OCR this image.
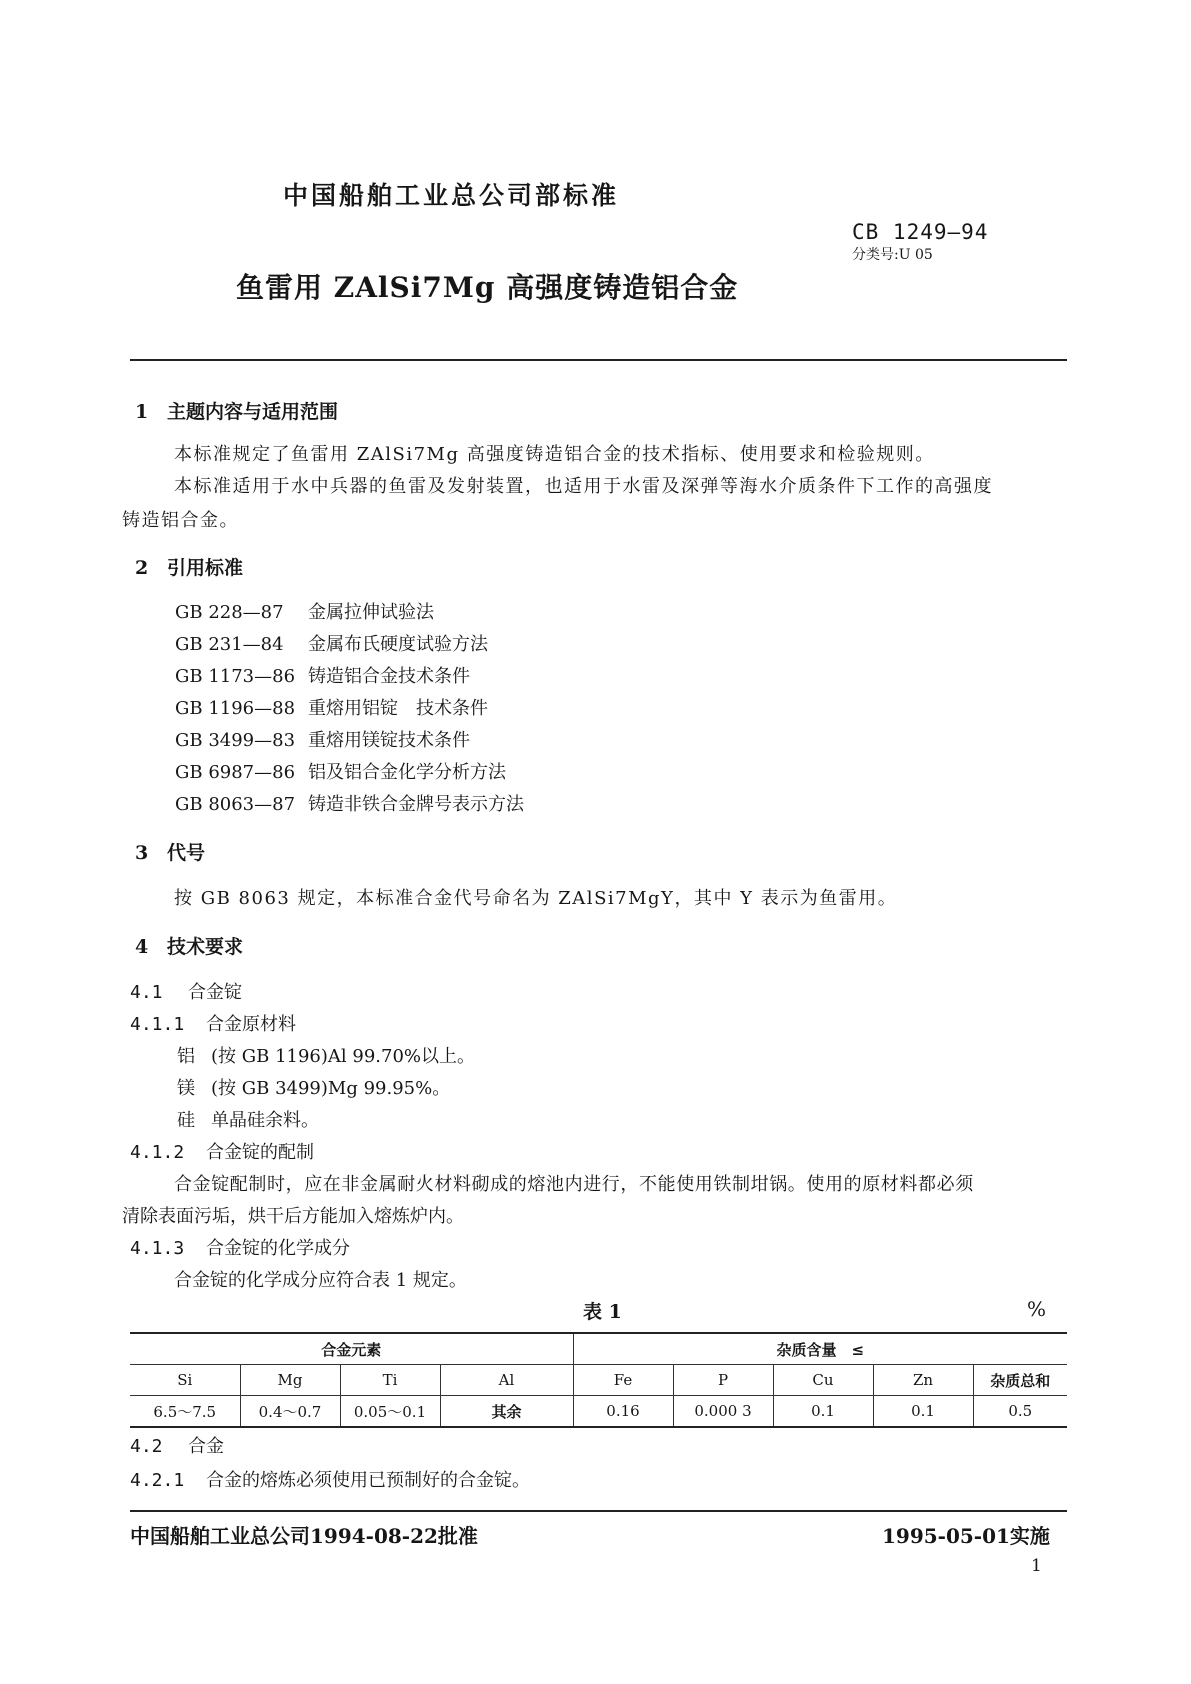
中国船舶工业总公司部标准
CB 1249—94
分类号:U 05
鱼雷用 ZAlSi7Mg 高强度铸造铝合金
1 主题内容与适用范围
本标准规定了鱼雷用 ZAlSi7Mg 高强度铸造铝合金的技术指标、使用要求和检验规则。
本标准适用于水中兵器的鱼雷及发射装置，也适用于水雷及深弹等海水介质条件下工作的高强度
铸造铝合金。
2 引用标准
GB 228—87 金属拉伸试验法
GB 231—84 金属布氏硬度试验方法
GB 1173—86 铸造铝合金技术条件
GB 1196—88 重熔用铝锭　技术条件
GB 3499—83 重熔用镁锭技术条件
GB 6987—86 铝及铝合金化学分析方法
GB 8063—87 铸造非铁合金牌号表示方法
3 代号
按 GB 8063 规定，本标准合金代号命名为 ZAlSi7MgY，其中 Y 表示为鱼雷用。
4 技术要求
4.1 合金锭
4.1.1 合金原材料
铝 (按 GB 1196)Al 99.70%以上。
镁 (按 GB 3499)Mg 99.95%。
硅 单晶硅余料。
4.1.2 合金锭的配制
合金锭配制时，应在非金属耐火材料砌成的熔池内进行，不能使用铁制坩锅。使用的原材料都必须
清除表面污垢，烘干后方能加入熔炼炉内。
4.1.3 合金锭的化学成分
合金锭的化学成分应符合表 1 规定。
表 1	%
合金元素				杂质含量　≤				
Si	Mg	Ti	Al	Fe	P	Cu	Zn	杂质总和
6.5～7.5	0.4～0.7	0.05～0.1	其余	0.16	0.000 3	0.1	0.1	0.5
4.2 合金
4.2.1 合金的熔炼必须使用已预制好的合金锭。
中国船舶工业总公司1994-08-22批准	1995-05-01实施
1
